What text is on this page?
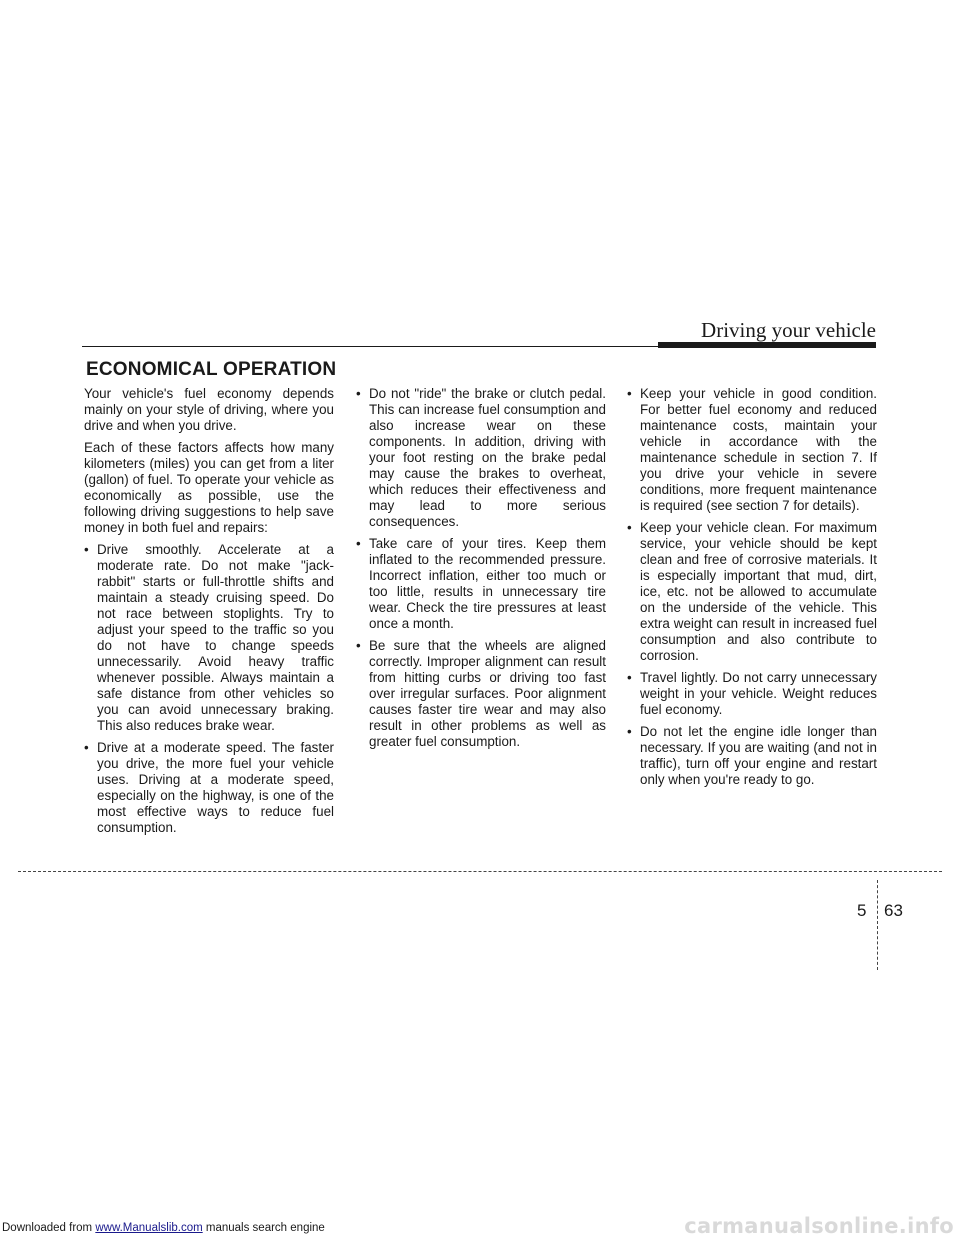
Driving your vehicle
ECONOMICAL OPERATION

Your vehicle's fuel economy depends mainly on your style of driving, where you drive and when you drive.

Each of these factors affects how many kilometers (miles) you can get from a liter (gallon) of fuel. To operate your vehicle as economically as possible, use the following driving suggestions to help save money in both fuel and repairs:

• Drive smoothly. Accelerate at a moderate rate. Do not make "jack-rabbit" starts or full-throttle shifts and maintain a steady cruising speed. Do not race between stoplights. Try to adjust your speed to the traffic so you do not have to change speeds unnecessarily. Avoid heavy traffic whenever possible. Always maintain a safe distance from other vehicles so you can avoid unnecessary braking. This also reduces brake wear.
• Drive at a moderate speed. The faster you drive, the more fuel your vehicle uses. Driving at a moderate speed, especially on the highway, is one of the most effective ways to reduce fuel consumption.
• Do not "ride" the brake or clutch pedal. This can increase fuel consumption and also increase wear on these components. In addition, driving with your foot resting on the brake pedal may cause the brakes to overheat, which reduces their effectiveness and may lead to more serious consequences.
• Take care of your tires. Keep them inflated to the recommended pressure. Incorrect inflation, either too much or too little, results in unnecessary tire wear. Check the tire pressures at least once a month.
• Be sure that the wheels are aligned correctly. Improper alignment can result from hitting curbs or driving too fast over irregular surfaces. Poor alignment causes faster tire wear and may also result in other problems as well as greater fuel consumption.
• Keep your vehicle in good condition. For better fuel economy and reduced maintenance costs, maintain your vehicle in accordance with the maintenance schedule in section 7. If you drive your vehicle in severe conditions, more frequent maintenance is required (see section 7 for details).
• Keep your vehicle clean. For maximum service, your vehicle should be kept clean and free of corrosive materials. It is especially important that mud, dirt, ice, etc. not be allowed to accumulate on the underside of the vehicle. This extra weight can result in increased fuel consumption and also contribute to corrosion.
• Travel lightly. Do not carry unnecessary weight in your vehicle. Weight reduces fuel economy.
• Do not let the engine idle longer than necessary. If you are waiting (and not in traffic), turn off your engine and restart only when you're ready to go.
5 63
Downloaded from www.Manualslib.com manuals search engine	carmanualsonline.info
